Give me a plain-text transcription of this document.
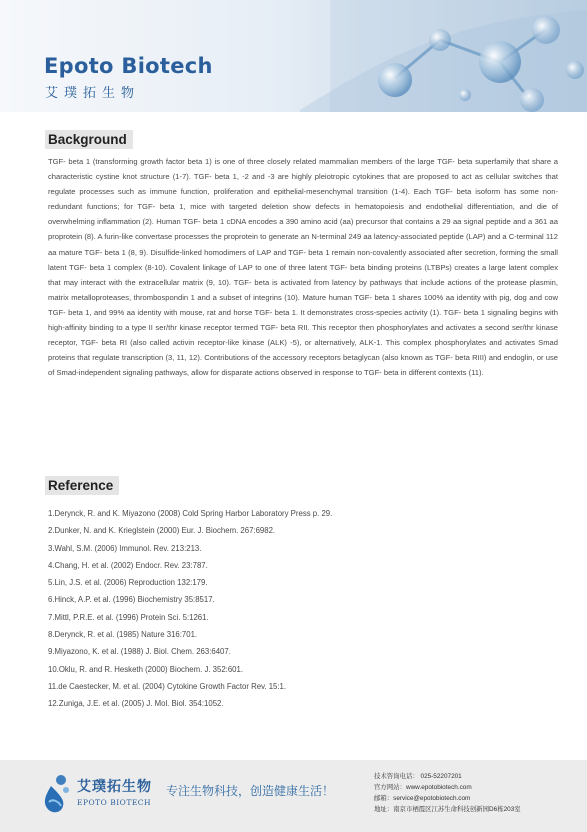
Epoto Biotech
艾璞拓生物
Background

TGF- beta 1 (transforming growth factor beta 1) is one of three closely related mammalian members of the large TGF- beta superfamily that share a characteristic cystine knot structure (1-7). TGF- beta 1, -2 and -3 are highly pleiotropic cytokines that are proposed to act as cellular switches that regulate processes such as immune function, proliferation and epithelial-mesenchymal transition (1-4). Each TGF- beta isoform has some non-redundant functions; for TGF- beta 1, mice with targeted deletion show defects in hematopoiesis and endothelial differentiation, and die of overwhelming inflammation (2). Human TGF- beta 1 cDNA encodes a 390 amino acid (aa) precursor that contains a 29 aa signal peptide and a 361 aa proprotein (8). A furin-like convertase processes the proprotein to generate an N-terminal 249 aa latency-associated peptide (LAP) and a C-terminal 112 aa mature TGF- beta 1 (8, 9). Disulfide-linked homodimers of LAP and TGF- beta 1 remain non-covalently associated after secretion, forming the small latent TGF- beta 1 complex (8-10). Covalent linkage of LAP to one of three latent TGF- beta binding proteins (LTBPs) creates a large latent complex that may interact with the extracellular matrix (9, 10). TGF- beta is activated from latency by pathways that include actions of the protease plasmin, matrix metalloproteases, thrombospondin 1 and a subset of integrins (10). Mature human TGF- beta 1 shares 100% aa identity with pig, dog and cow TGF- beta 1, and 99% aa identity with mouse, rat and horse TGF- beta 1. It demonstrates cross-species activity (1). TGF- beta 1 signaling begins with high-affinity binding to a type II ser/thr kinase receptor termed TGF- beta RII. This receptor then phosphorylates and activates a second ser/thr kinase receptor, TGF- beta RI (also called activin receptor-like kinase (ALK) -5), or alternatively, ALK-1. This complex phosphorylates and activates Smad proteins that regulate transcription (3, 11, 12). Contributions of the accessory receptors betaglycan (also known as TGF- beta RIII) and endoglin, or use of Smad-independent signaling pathways, allow for disparate actions observed in response to TGF- beta in different contexts (11).

Reference
1.Derynck, R. and K. Miyazono (2008) Cold Spring Harbor Laboratory Press p. 29.
2.Dunker, N. and K. Krieglstein (2000) Eur. J. Biochem. 267:6982.
3.Wahl, S.M. (2006) Immunol. Rev. 213:213.
4.Chang, H. et al. (2002) Endocr. Rev. 23:787.
5.Lin, J.S. et al. (2006) Reproduction 132:179.
6.Hinck, A.P. et al. (1996) Biochemistry 35:8517.
7.Mittl, P.R.E. et al. (1996) Protein Sci. 5:1261.
8.Derynck, R. et al. (1985) Nature 316:701.
9.Miyazono, K. et al. (1988) J. Biol. Chem. 263:6407.
10.Oklu, R. and R. Hesketh (2000) Biochem. J. 352:601.
11.de Caestecker, M. et al. (2004) Cytokine Growth Factor Rev. 15:1.
12.Zuniga, J.E. et al. (2005) J. Mol. Biol. 354:1052.
艾璞拓生物
EPOTO BIOTECH
专注生物科技，创造健康生活！
技术咨询电话： 025-52207201
官方网站：www.epotobiotech.com
邮箱：service@epotobiotech.com
地址：南京市栖霞区江苏生命科技创新园D6栋203室
